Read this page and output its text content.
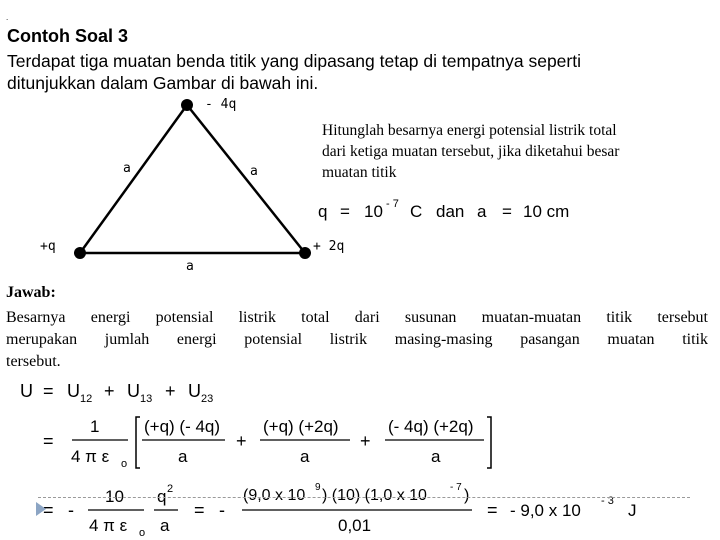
.
Contoh Soal 3
Terdapat tiga muatan benda titik yang dipasang tetap di tempatnya seperti
ditunjukkan dalam Gambar di bawah ini.
- 4q
+q	+ 2q
a	a
a
q = 10 - 7 C dan a = 10 cm
U = U 12 + U 13 + U 23
=
1
4 π ε o
(+q) (- 4q)
a
+
(+q) (+2q)
a
+
(- 4q) (+2q)
a
= -
10
4 π ε o
q 2
a
= -
(9,0 x 10 9 ) (10) (1,0 x 10 - 7 )
0,01
= - 9,0 x 10 - 3 J
Hitunglah besarnya energi potensial listrik total
dari ketiga muatan tersebut, jika diketahui besar
muatan titik
Jawab:
Besarnya energi potensial listrik total dari susunan muatan-muatan titik tersebut
merupakan jumlah energi potensial listrik masing-masing pasangan muatan titik
tersebut.
